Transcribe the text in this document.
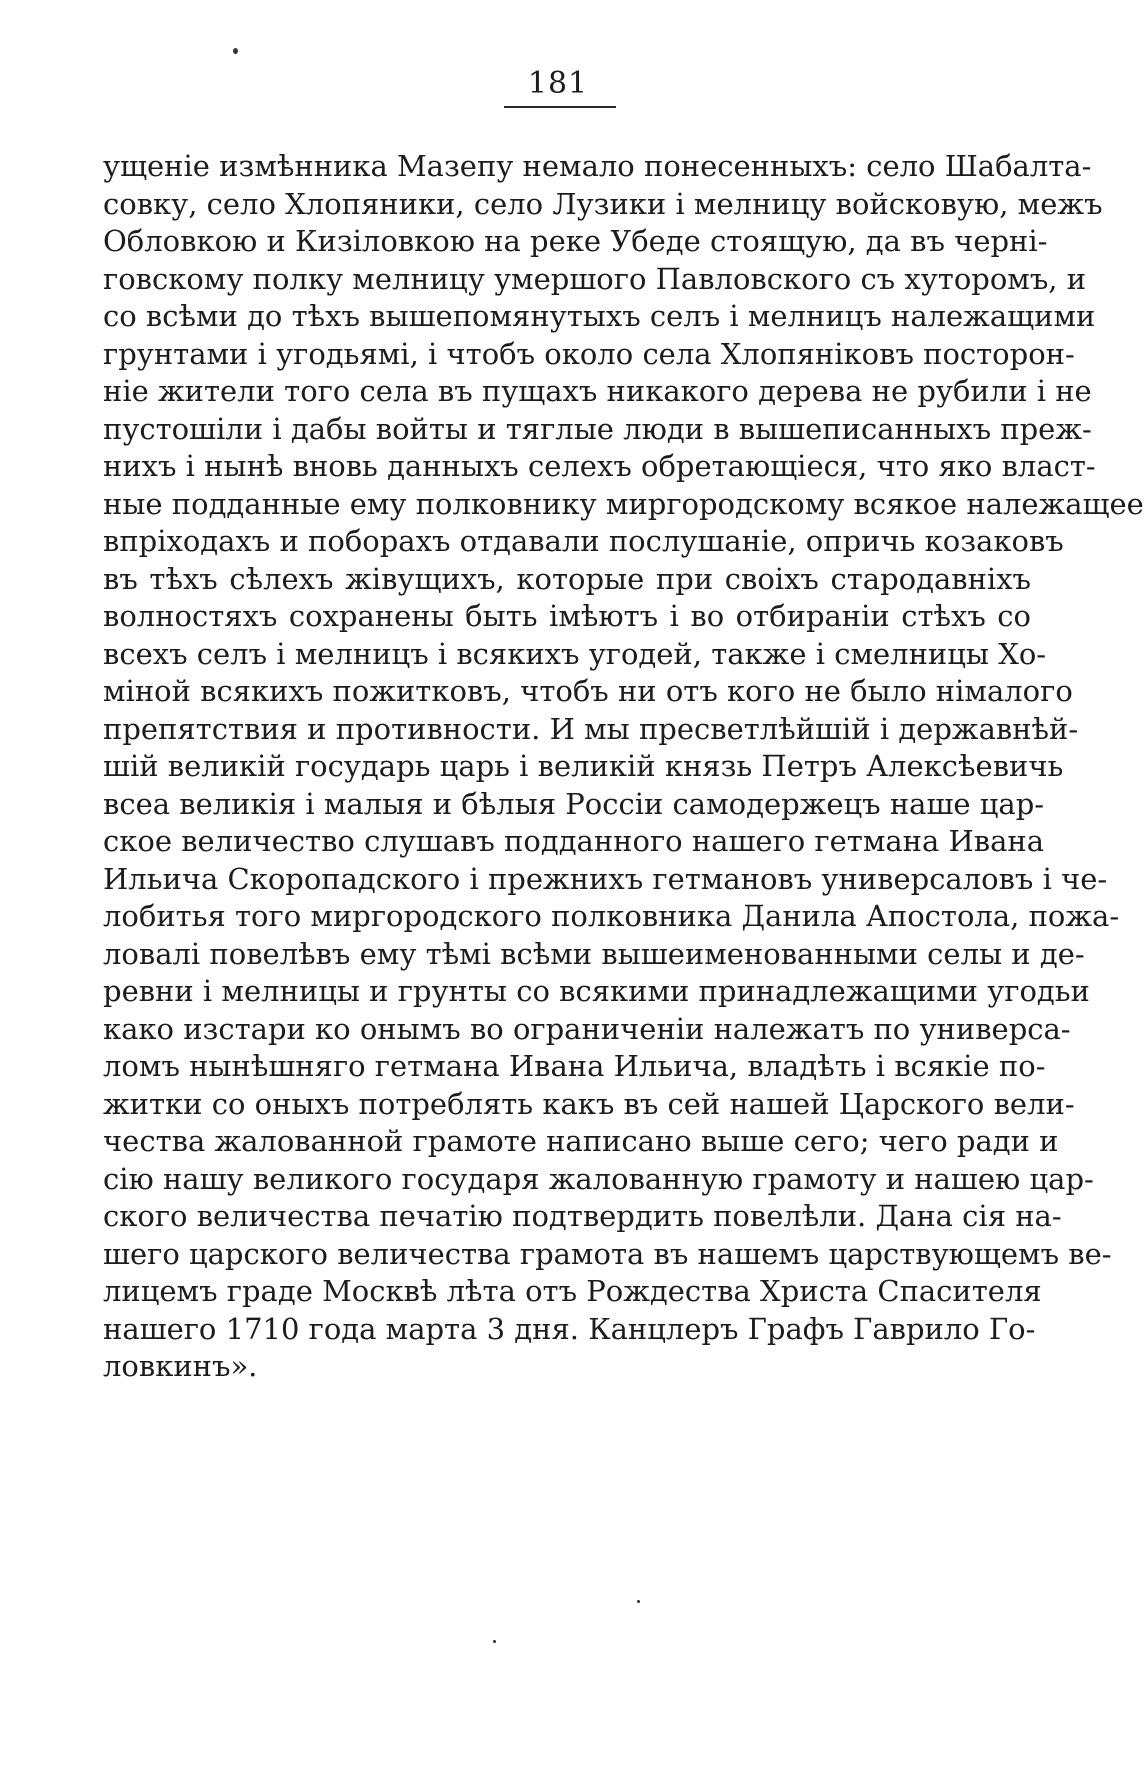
181
ущеніе измѣнника Мазепу немало понесенныхъ: село Шабалта-
совку, село Хлопяники, село Лузики і мелницу войсковую, межъ
Обловкою и Кизіловкою на реке Убеде стоящую, да въ черні-
говскому полку мелницу умершого Павловского съ хуторомъ, и
со всѣми до тѣхъ вышепомянутыхъ селъ і мелницъ належащими
грунтами і угодьямі, і чтобъ около села Хлопяніковъ посторон-
ніе жители того села въ пущахъ никакого дерева не рубили і не
пустошіли і дабы войты и тяглые люди в вышеписанныхъ преж-
нихъ і нынѣ вновь данныхъ селехъ обретающіеся, что яко власт-
ные подданные ему полковнику миргородскому всякое належащее
впріходахъ и поборахъ отдавали послушаніе, опричь козаковъ
въ тѣхъ сѣлехъ жівущихъ, которые при своіхъ стародавніхъ
волностяхъ сохранены быть імѣютъ і во отбираніи стѣхъ со
всехъ селъ і мелницъ і всякихъ угодей, также і смелницы Хо-
міной всякихъ пожитковъ, чтобъ ни отъ кого не было німалого
препятствия и противности. И мы пресветлѣйшій і державнѣй-
шій великій государь царь і великій князь Петръ Алексѣевичь
всеа великія і малыя и бѣлыя Россіи самодержецъ наше цар-
ское величество слушавъ подданного нашего гетмана Ивана
Ильича Скоропадского і прежнихъ гетмановъ универсаловъ і че-
лобитья того миргородского полковника Данила Апостола, пожа-
ловалі повелѣвъ ему тѣмі всѣми вышеименованными селы и де-
ревни і мелницы и грунты со всякими принадлежащими угодьи
како изстари ко онымъ во ограниченіи належатъ по универса-
ломъ нынѣшняго гетмана Ивана Ильича, владѣть і всякіе по-
житки со оныхъ потреблять какъ въ сей нашей Царского вели-
чества жалованной грамоте написано выше сего; чего ради и
сію нашу великого государя жалованную грамоту и нашею цар-
ского величества печатію подтвердить повелѣли. Дана сія на-
шего царского величества грамота въ нашемъ царствующемъ ве-
лицемъ граде Москвѣ лѣта отъ Рождества Христа Спасителя
нашего 1710 года марта 3 дня. Канцлеръ Графъ Гаврило Го-
ловкинъ».
